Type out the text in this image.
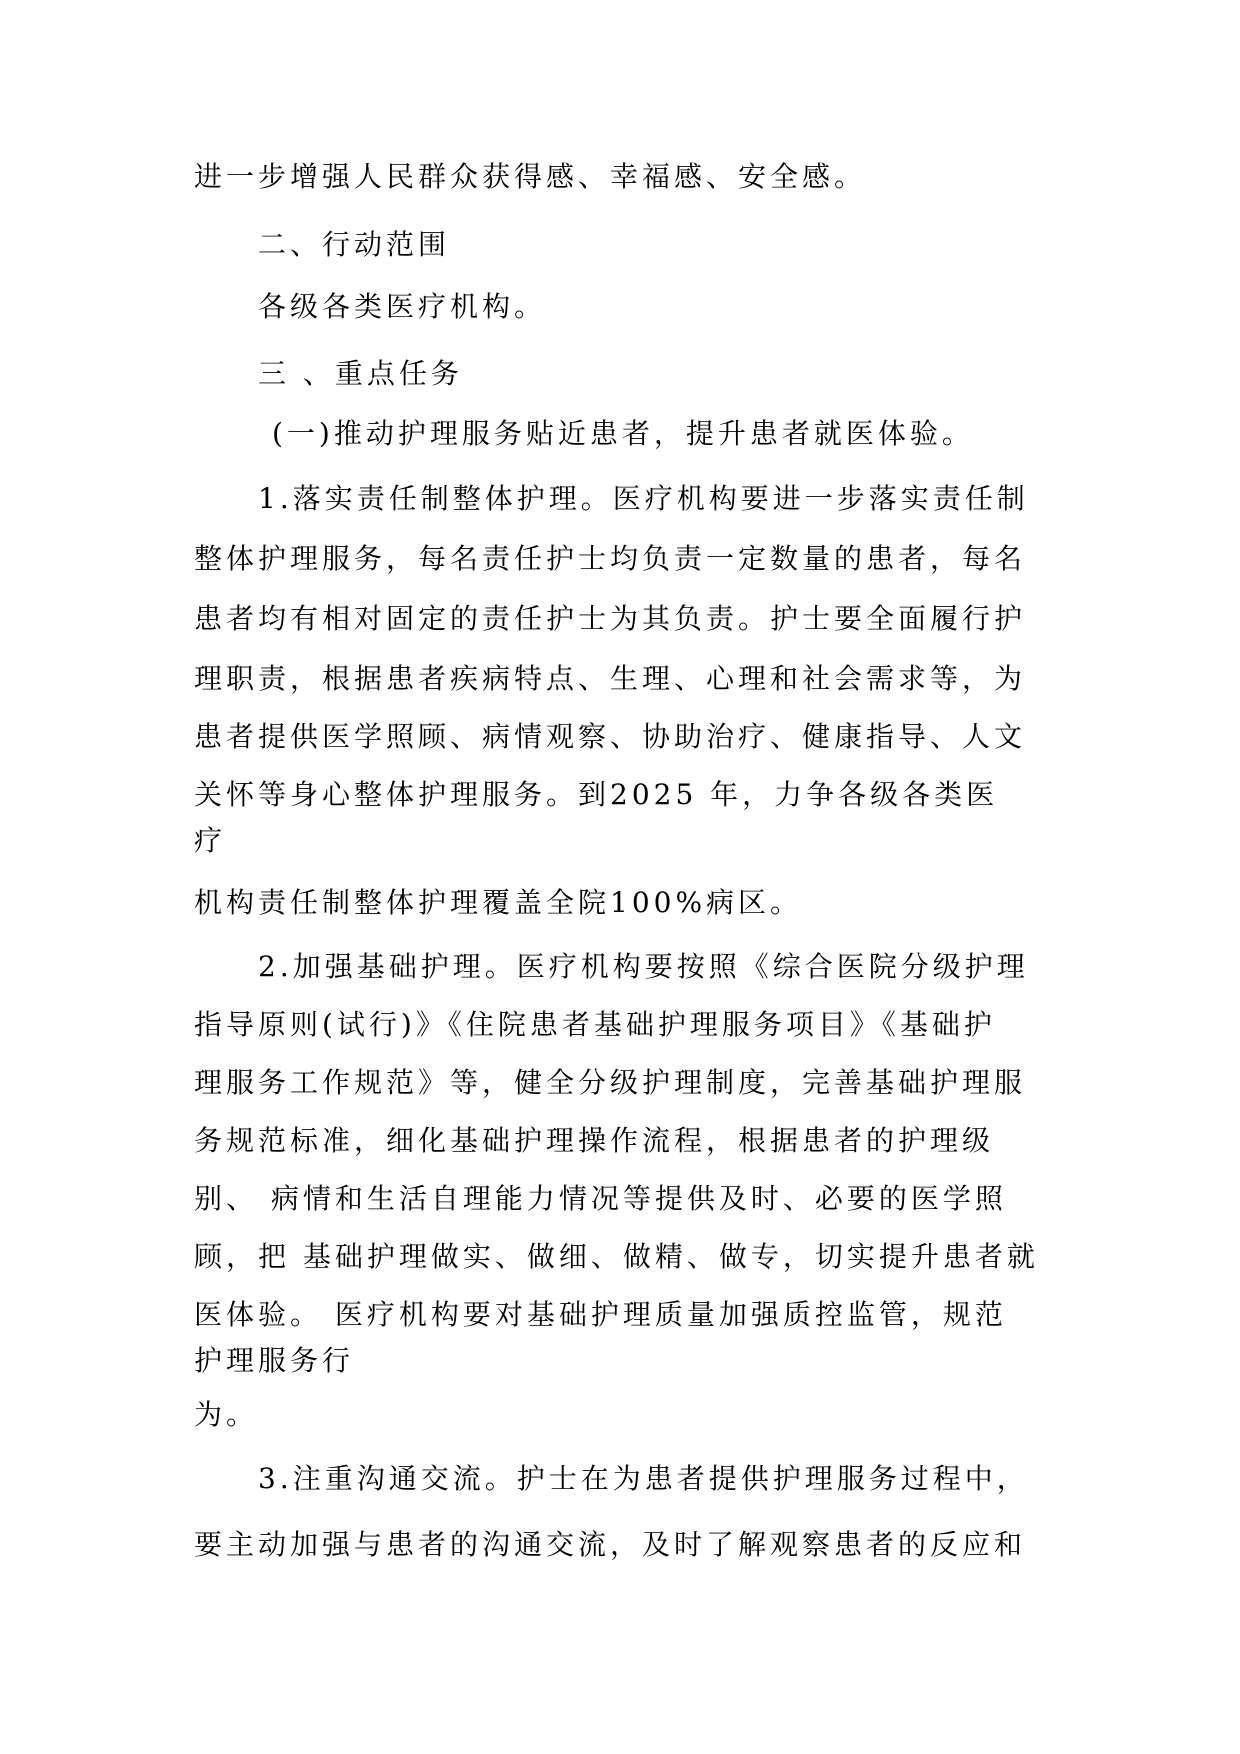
进一步增强人民群众获得感、幸福感、安全感。

二、行动范围

各级各类医疗机构。

三 、重点任务

(一)推动护理服务贴近患者，提升患者就医体验。

1.落实责任制整体护理。医疗机构要进一步落实责任制

整体护理服务，每名责任护士均负责一定数量的患者，每名

患者均有相对固定的责任护士为其负责。护士要全面履行护

理职责，根据患者疾病特点、生理、心理和社会需求等，为

患者提供医学照顾、病情观察、协助治疗、健康指导、人文

关怀等身心整体护理服务。到2025 年，力争各级各类医

疗

机构责任制整体护理覆盖全院100%病区。

2.加强基础护理。医疗机构要按照《综合医院分级护理

指导原则(试行)》《住院患者基础护理服务项目》《基础护

理服务工作规范》等，健全分级护理制度，完善基础护理服

务规范标准，细化基础护理操作流程，根据患者的护理级

别、 病情和生活自理能力情况等提供及时、必要的医学照

顾，把 基础护理做实、做细、做精、做专，切实提升患者就

医体验。 医疗机构要对基础护理质量加强质控监管，规范

护理服务行

为。

3.注重沟通交流。护士在为患者提供护理服务过程中，

要主动加强与患者的沟通交流，及时了解观察患者的反应和
